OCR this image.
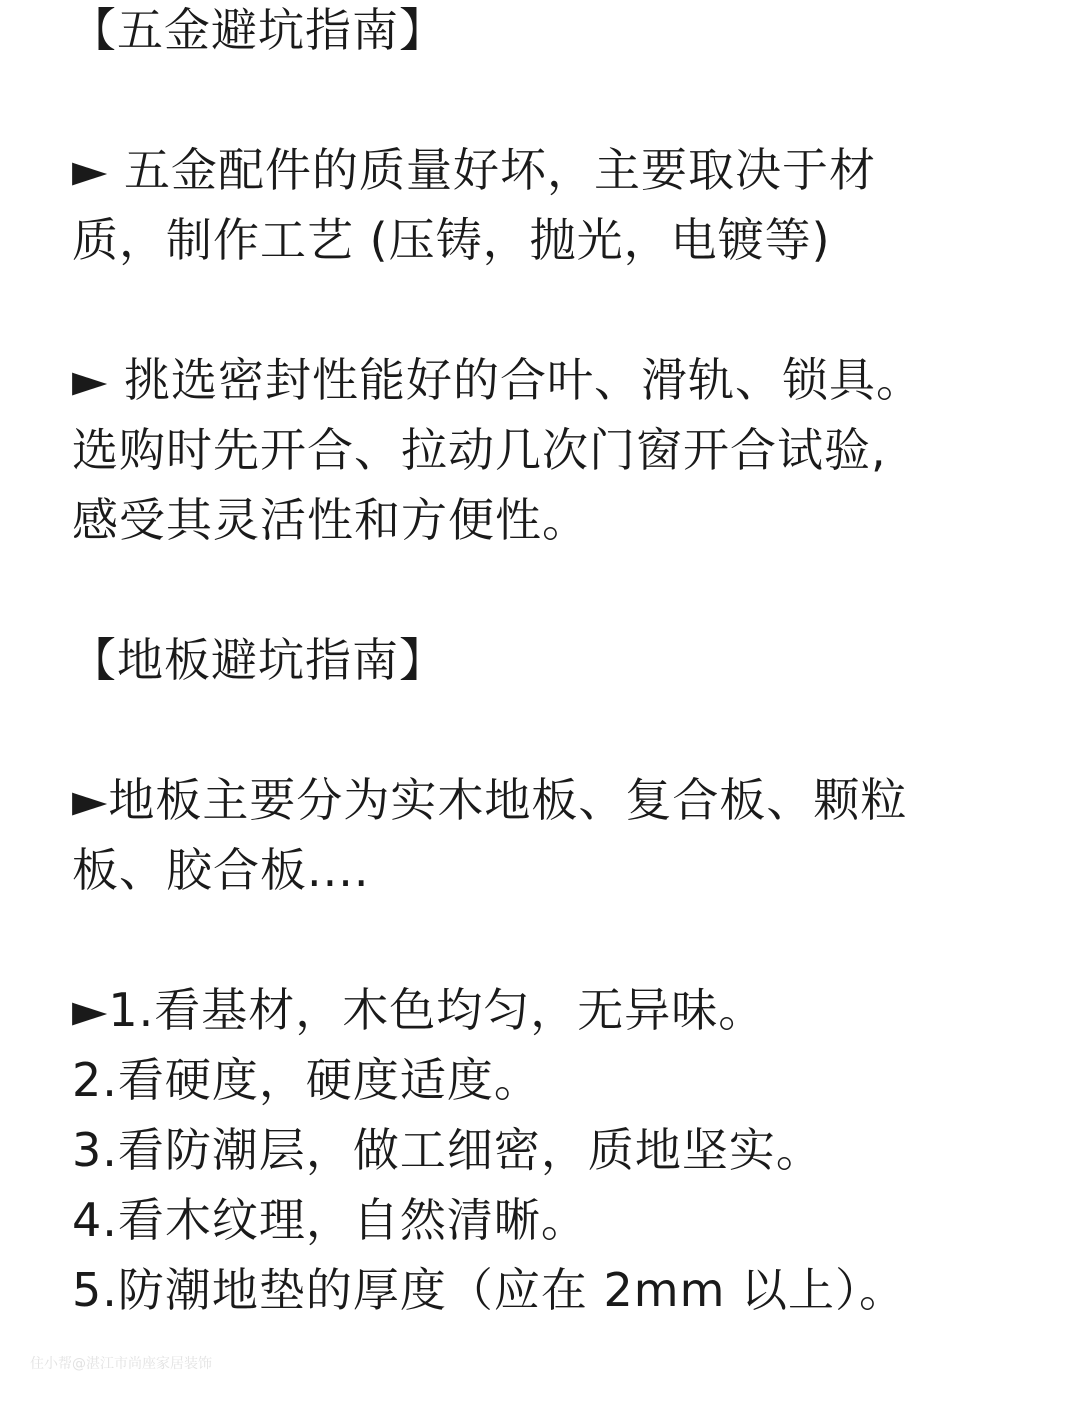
【五金避坑指南】
► 五金配件的质量好坏，主要取决于材
质，制作工艺 (压铸，抛光，电镀等)
► 挑选密封性能好的合叶、滑轨、锁具。
选购时先开合、拉动几次门窗开合试验,
感受其灵活性和方便性。
【地板避坑指南】
►地板主要分为实木地板、复合板、颗粒
板、胶合板....
►1.看基材，木色均匀，无异味。
2.看硬度，硬度适度。
3.看防潮层，做工细密，质地坚实。
4.看木纹理，自然清晰。
5.防潮地垫的厚度（应在 2mm 以上）。
住小帮@湛江市尚座家居装饰
